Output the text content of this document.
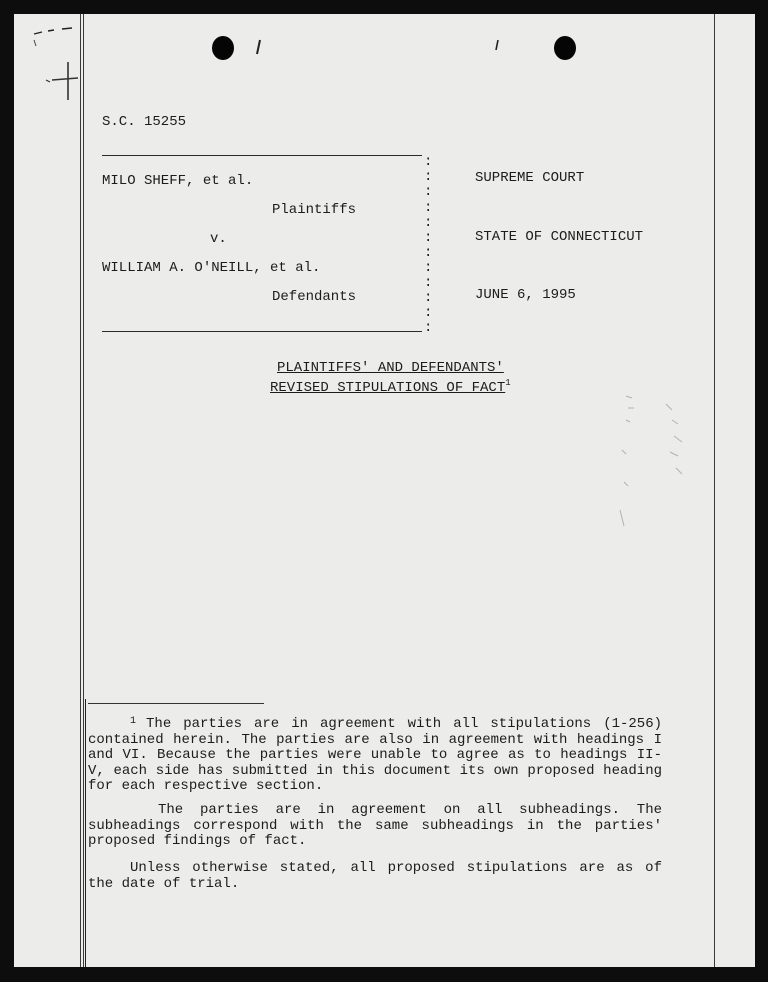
S.C. 15255
MILO SHEFF, et al.
Plaintiffs
v.
WILLIAM A. O'NEILL, et al.
Defendants
:
:
:
:
:
:
:
:
:
:
:
:
SUPREME COURT
STATE OF CONNECTICUT
JUNE 6, 1995
PLAINTIFFS' AND DEFENDANTS'
REVISED STIPULATIONS OF FACT$^1$
$^1$ The parties are in agreement with all stipulations (1-256) contained herein. The parties are also in agreement with headings I and VI. Because the parties were unable to agree as to headings II-V, each side has submitted in this document its own proposed heading for each respective section.
The parties are in agreement on all subheadings. The subheadings correspond with the same subheadings in the parties' proposed findings of fact.
Unless otherwise stated, all proposed stipulations are as of the date of trial.
